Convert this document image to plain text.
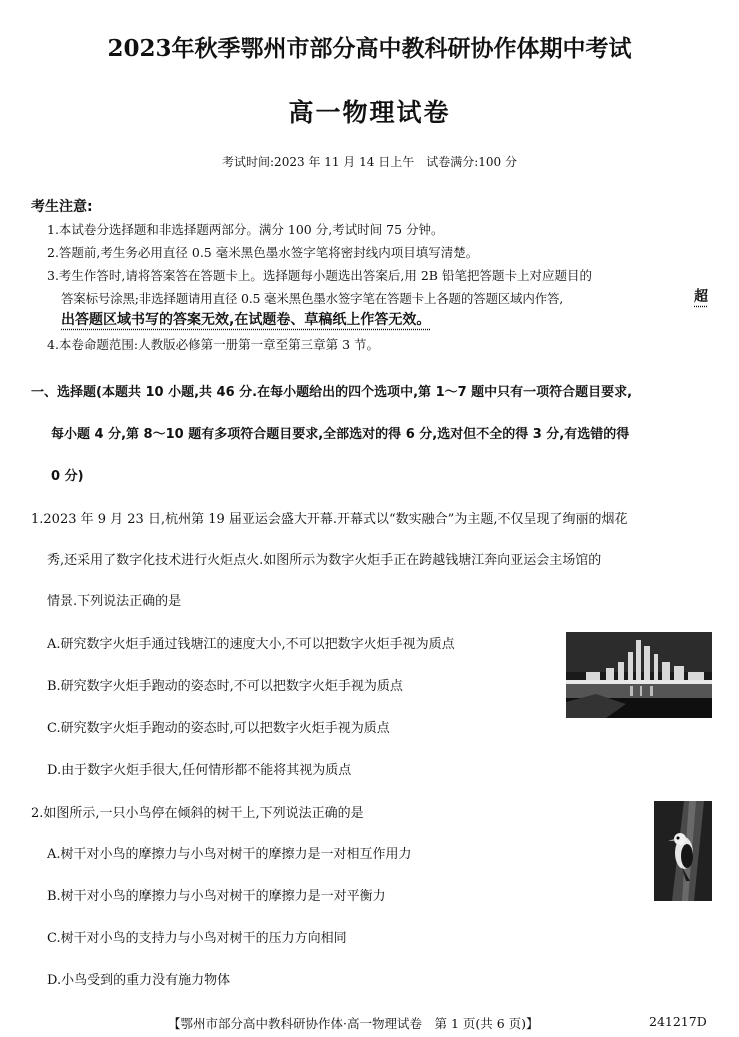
2023年秋季鄂州市部分高中教科研协作体期中考试
高一物理试卷
考试时间:2023 年 11 月 14 日上午　试卷满分:100 分
考生注意:
1.本试卷分选择题和非选择题两部分。满分 100 分,考试时间 75 分钟。
2.答题前,考生务必用直径 0.5 毫米黑色墨水签字笔将密封线内项目填写清楚。
3.考生作答时,请将答案答在答题卡上。选择题每小题选出答案后,用 2B 铅笔把答题卡上对应题目的
答案标号涂黑;非选择题请用直径 0.5 毫米黑色墨水签字笔在答题卡上各题的答题区域内作答,	超
出答题区域书写的答案无效,在试题卷、草稿纸上作答无效。
4.本卷命题范围:人教版必修第一册第一章至第三章第 3 节。
一、选择题(本题共 10 小题,共 46 分.在每小题给出的四个选项中,第 1～7 题中只有一项符合题目要求,
每小题 4 分,第 8～10 题有多项符合题目要求,全部选对的得 6 分,选对但不全的得 3 分,有选错的得
0 分)
1.2023 年 9 月 23 日,杭州第 19 届亚运会盛大开幕.开幕式以“数实融合”为主题,不仅呈现了绚丽的烟花
秀,还采用了数字化技术进行火炬点火.如图所示为数字火炬手正在跨越钱塘江奔向亚运会主场馆的
情景.下列说法正确的是
A.研究数字火炬手通过钱塘江的速度大小,不可以把数字火炬手视为质点
B.研究数字火炬手跑动的姿态时,不可以把数字火炬手视为质点
C.研究数字火炬手跑动的姿态时,可以把数字火炬手视为质点
D.由于数字火炬手很大,任何情形都不能将其视为质点
2.如图所示,一只小鸟停在倾斜的树干上,下列说法正确的是
A.树干对小鸟的摩擦力与小鸟对树干的摩擦力是一对相互作用力
B.树干对小鸟的摩擦力与小鸟对树干的摩擦力是一对平衡力
C.树干对小鸟的支持力与小鸟对树干的压力方向相同
D.小鸟受到的重力没有施力物体
【鄂州市部分高中教科研协作体·高一物理试卷　第 1 页(共 6 页)】	241217D
